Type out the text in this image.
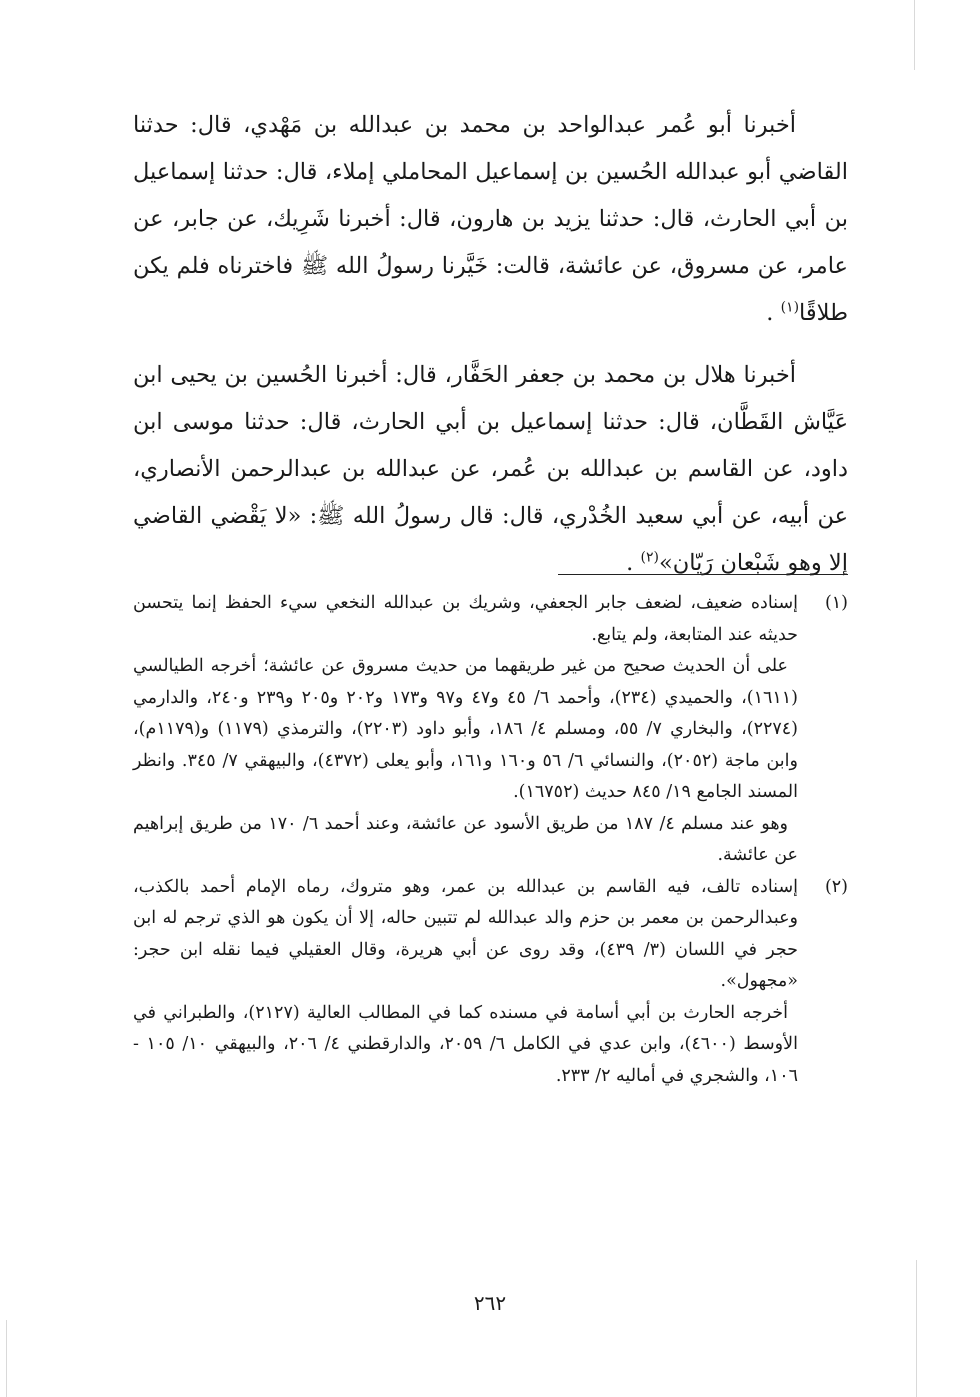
أخبرنا أبو عُمر عبدالواحد بن محمد بن عبدالله بن مَهْدي، قال: حدثنا القاضي أبو عبدالله الحُسين بن إسماعيل المحاملي إملاء، قال: حدثنا إسماعيل بن أبي الحارث، قال: حدثنا يزيد بن هارون، قال: أخبرنا شَرِيك، عن جابر، عن عامر، عن مسروق، عن عائشة، قالت: خَيَّرنا رسولُ الله ﷺ فاخترناه فلم يكن طلاقًا$^{(١)}$ .

أخبرنا هلال بن محمد بن جعفر الحَفَّار، قال: أخبرنا الحُسين بن يحيى ابن عَيَّاش القَطَّان، قال: حدثنا إسماعيل بن أبي الحارث، قال: حدثنا موسى ابن داود، عن القاسم بن عبدالله بن عُمر، عن عبدالله بن عبدالرحمن الأنصاري، عن أبيه، عن أبي سعيد الخُدْري، قال: قال رسولُ الله ﷺ: «لا يَقْضي القاضي إلا وهو شَبْعان رَيّان»$^{(٢)}$ .

(١)

إسناده ضعيف، لضعف جابر الجعفي، وشريك بن عبدالله النخعي سيء الحفظ إنما يتحسن حديثه عند المتابعة، ولم يتابع.

على أن الحديث صحيح من غير طريقهما من حديث مسروق عن عائشة؛ أخرجه الطيالسي (١٦١١)، والحميدي (٢٣٤)، وأحمد ٦/ ٤٥ و٤٧ و٩٧ و١٧٣ و٢٠٢ و٢٠٥ و٢٣٩ و٢٤٠، والدارمي (٢٢٧٤)، والبخاري ٧/ ٥٥، ومسلم ٤/ ١٨٦، وأبو داود (٢٢٠٣)، والترمذي (١١٧٩) و(١١٧٩م)، وابن ماجة (٢٠٥٢)، والنسائي ٦/ ٥٦ و١٦٠ و١٦١، وأبو يعلى (٤٣٧٢)، والبيهقي ٧/ ٣٤٥. وانظر المسند الجامع ١٩/ ٨٤٥ حديث (١٦٧٥٢).

وهو عند مسلم ٤/ ١٨٧ من طريق الأسود عن عائشة، وعند أحمد ٦/ ١٧٠ من طريق إبراهيم عن عائشة.

(٢)

إسناده تالف، فيه القاسم بن عبدالله بن عمر، وهو متروك، رماه الإمام أحمد بالكذب، وعبدالرحمن بن معمر بن حزم والد عبدالله لم تتبين حاله، إلا أن يكون هو الذي ترجم له ابن حجر في اللسان (٣/ ٤٣٩)، وقد روى عن أبي هريرة، وقال العقيلي فيما نقله ابن حجر: «مجهول».

أخرجه الحارث بن أبي أسامة في مسنده كما في المطالب العالية (٢١٢٧)، والطبراني في الأوسط (٤٦٠٠)، وابن عدي في الكامل ٦/ ٢٠٥٩، والدارقطني ٤/ ٢٠٦، والبيهقي ١٠/ ١٠٥ - ١٠٦، والشجري في أماليه ٢/ ٢٣٣.

٢٦٢
